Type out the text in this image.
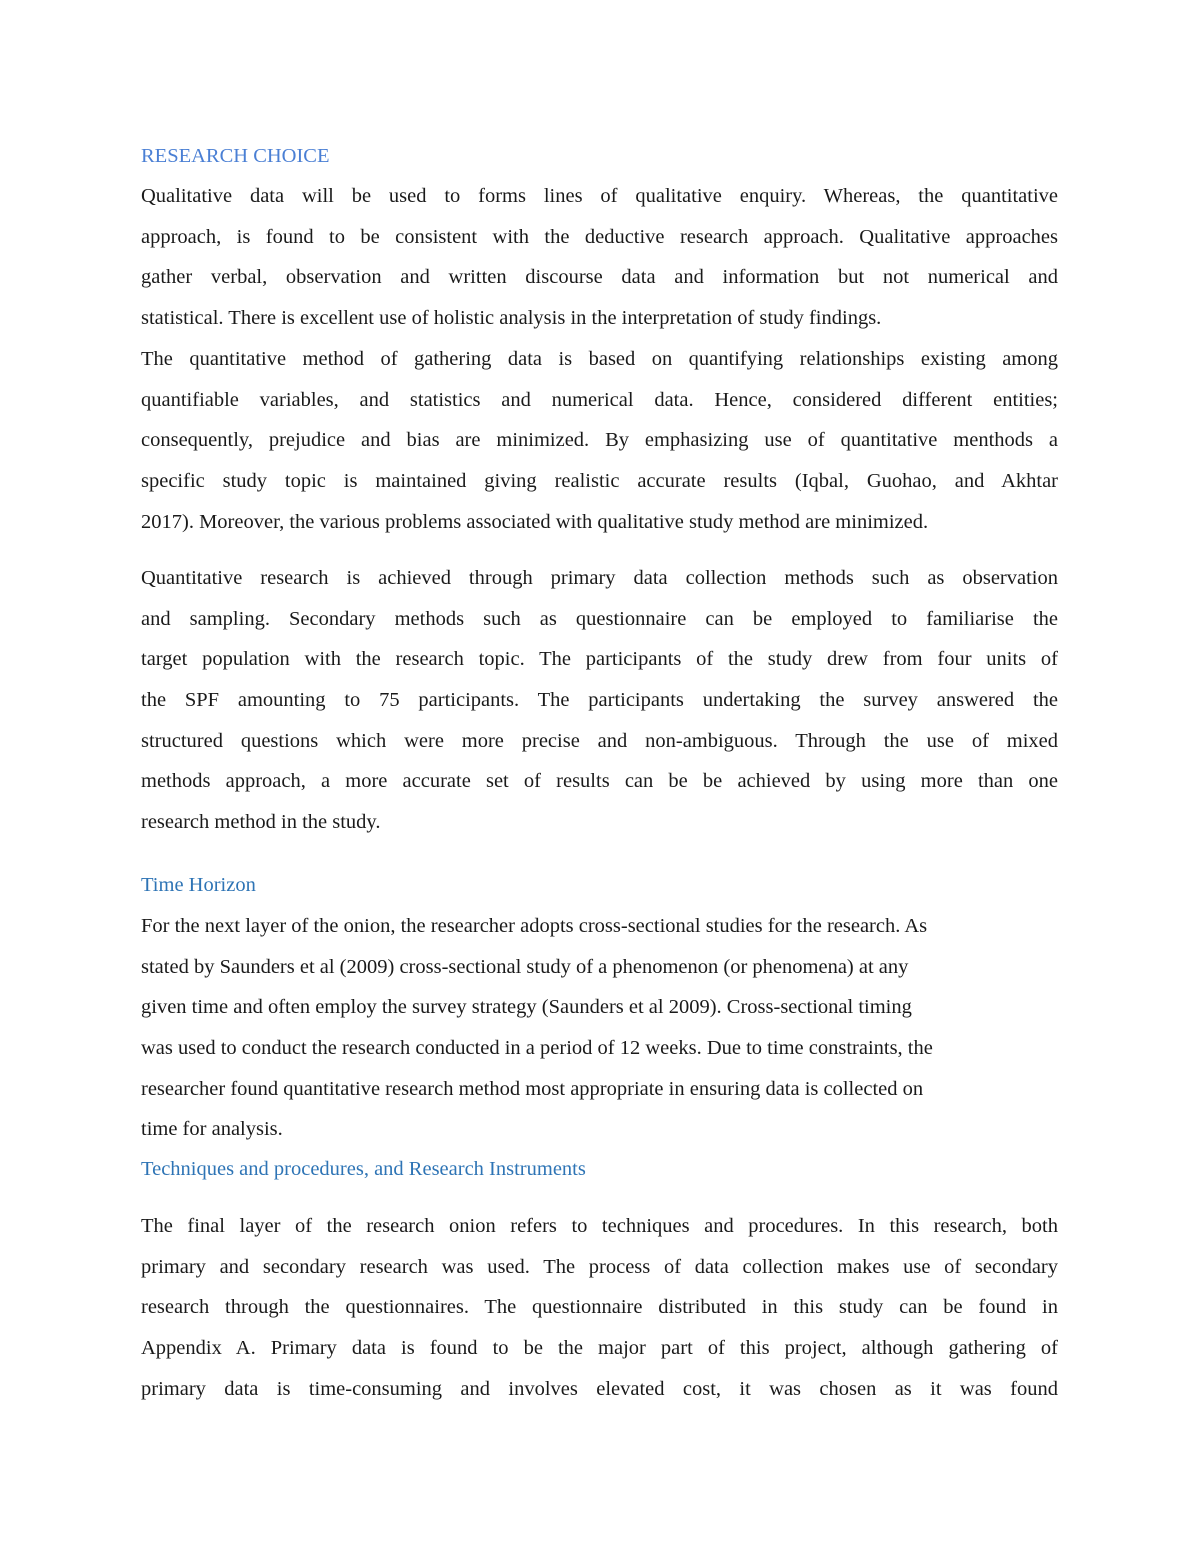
RESEARCH CHOICE
Qualitative data will be used to forms lines of qualitative enquiry. Whereas, the quantitative
approach, is found to be consistent with the deductive research approach. Qualitative approaches
gather verbal, observation and written discourse data and information but not numerical and
statistical. There is excellent use of holistic analysis in the interpretation of study findings.
The quantitative method of gathering data is based on quantifying relationships existing among
quantifiable variables, and statistics and numerical data. Hence, considered different entities;
consequently, prejudice and bias are minimized. By emphasizing use of quantitative menthods a
specific study topic is maintained giving realistic accurate results (Iqbal, Guohao, and Akhtar
2017). Moreover, the various problems associated with qualitative study method are minimized.
Quantitative research is achieved through primary data collection methods such as observation
and sampling. Secondary methods such as questionnaire can be employed to familiarise the
target population with the research topic. The participants of the study drew from four units of
the SPF amounting to 75 participants. The participants undertaking the survey answered the
structured questions which were more precise and non-ambiguous. Through the use of mixed
methods approach, a more accurate set of results can be be achieved by using more than one
research method in the study.
Time Horizon
For the next layer of the onion, the researcher adopts cross-sectional studies for the research. As
stated by Saunders et al (2009) cross-sectional study of a phenomenon (or phenomena) at any
given time and often employ the survey strategy (Saunders et al 2009). Cross-sectional timing
was used to conduct the research conducted in a period of 12 weeks. Due to time constraints, the
researcher found quantitative research method most appropriate in ensuring data is collected on
time for analysis.
Techniques and procedures, and Research Instruments
The final layer of the research onion refers to techniques and procedures. In this research, both
primary and secondary research was used. The process of data collection makes use of secondary
research through the questionnaires. The questionnaire distributed in this study can be found in
Appendix A. Primary data is found to be the major part of this project, although gathering of
primary data is time-consuming and involves elevated cost, it was chosen as it was found
